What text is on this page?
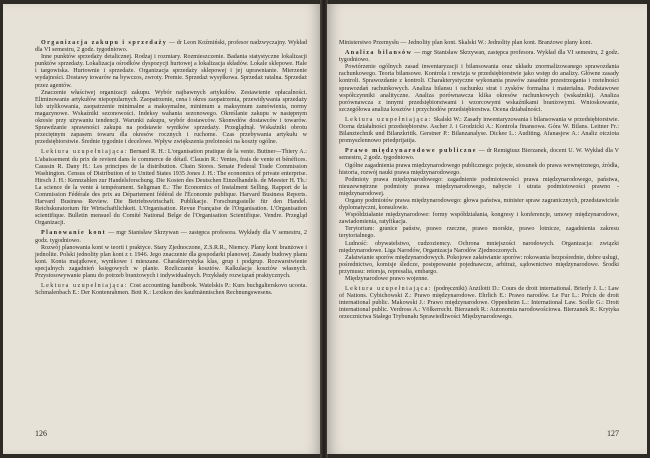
Organizacja zakupu i sprzedaży — dr Leon Koźmiński, profesor nadzwyczajny. Wykład dla VI semestru, 2 godz. tygodniowo.

Inne punktów sprzedaży detalicznej. Rodzaj i rozmiary. Rozmieszczenie. Badania statystyczne lokalizacji punktów sprzedaży. Lokalizacja ośrodków dyspozycji hurtowej a lokalizacja składów. Lokale sklepowe. Hale i targowiska. Hurtownie i sprzedaże. Organizacja sprzedaży sklepowej i jej uprawnianie. Mierzenie wydajności. Dostawy towarów na bywczos, zwroty. Premie. Sprzedaż wysyłkowa. Sprzedaż ratalna. Sprzedaż przez agentów.

Znaczenie właściwej organizacji zakupu. Wybór najbawnych artykułów. Zestawienie opłacalności. Eliminowanie artykułów niepopularnych. Zaopatrzenie, cena i okres zaopatrzenia, przewidywania sprzedaży lub utylikowania, zaopatrzenie minimalne a maksymalne, minimum a maksymum zamówienia, normy magazynowe. Wskaźniki sezonowości. Indeksy wahania sezonowego. Określanie zakupu w następnym okresie przy używaniu tendencji. Warunki zakupu, wybór dostawców. Skonwdów dostawców i towarów. Sprawdzanie sprawności zakupu na podstawie wyników sprzedaży. Przeglądnął. Wskaźniki obrotu przeciętnym zapasem towaru dla okresów rocznych i ruchome. Czas przebywania artykułu w przedsiębiorstwie. Średnie tygodnie i decelowe. Wpływ zwiększenia prelotności na koszty ogólne.

Lektura uzupełniająca: Bernard R. H.: L'organisation pratique de la vente. Buttner—Thiery A.: L'abaissement du prix de revient dans le commerce de détail. Clausin R.: Ventes, frais de vente et bénéfices. Caussin R. Dany H.: Les principes de la distribution. Chain Stores. Senate Federal Trade Commission Washington. Census of Distribution of to United States 1935 Jones J. H.: The economics of private enterprise. Hirsch J. H.: Kennzahlen zur Handelsforschung. Die Kosten des Deutschen Einzelhandels. de Meester H. Th.: La science de la vente à tempérament. Seligman E.: The Economics of Instalment Selling. Rapport de la Commission Fédérale des prix au Département fédéral de l'Économie publique. Harvard Business Reports. Harvard Business Review. Die Betriebswirtschaft. Publikacje. Forschungsstelle für den Handel. Reichskuratorium für Wirtschaftlichkeit. L'Organisation. Revue Française de l'Organisation. L'Organisation scientifique. Bulletin mensuel du Comité National Belge de l'Organisation Scientifique. Vendre. Przegląd Organizacji.

Planowanie kont — mgr Stanisław Skrzywan — zastępca profesora. Wykłady dla V semestru, 2 godz. tygodniowo.

Rozwój planowania kont w teorii i praktyce. Stary Zjednoczone, Z.S.R.R., Niemcy. Plany kont branżowe i jednolite. Polski jednolity plan kont z r. 1946. Jego znaczenie dla gospodarki planowej. Zasady budowy planu kont. Konta majątkowe, wynikowe i mieszane. Charakterystyka klas, grup i podgrup. Rozwarstwienie specjalnych zagadnień księgowych w planie. Rozliczanie kosztów. Kalkulacja kosztów własnych. Przystosowywanie planu do potrzeb branżowych i indywidualnych. Przykłady rozwiązań praktycznych.

Lektura uzupełniająca: Cost accounting handbook. Watelskis P.: Kurs buchgalterskovo ucoota. Schmalenbach E.: Der Kontenrahmen. Bott K.: Lexikon des kaufmännischen Rechnungswesens.

126

Ministerstwo Przemysłu — Jednolity plan kont. Skalski W.: Jednolity plan kont. Branżowe plany kont.

Analiza bilansów — mgr Stanisław Skrzywan, zastępca profesora. Wykład dla VI semestru, 2 godz. tygodniowo.

Powtórzenie ogólnych zasad inwentaryzacji i bilansowania oraz układu znormalizowanego sprawozdania rachunkowego. Teoria bilansowe. Kontrola i rewizja w przedsiębiorstwie jako wstęp do analizy. Główne zasady kontroli. Sprawozdanie z kontroli. Charakterystyczne wykonania prawów zasadnie przestrzegania i rzetelności sprawozdań rachunkowych. Analiza bilansu i rachunku strat i zysków formalna i materialna. Podstawowe współczynniki analityczne. Analiza porównawcza klika okresów rachunkowych (wskaźniki). Analiza porównawcza z innymi przedsiębiorstwami i wzorcowymi wskaźnikami branżowymi. Wnioskowanie, szczegółowa analiza kosztów i przychodów przedsiębiorstwa. Ocena dziabalności.

Lektura uzupełniająca: Skalski W.: Zasady inwentaryzowania i bilansowania w przedsiębiorstwie. Ocena działalności przedsiębiorstw. Ascher J. i Grodzicki A.: Kontrola finansowa. Góra W. Bilans. Leitner Fr.: Bilanztechnik und Bilanzkritik. Gerstner P.: Bilanzanalyse. Dickee L.: Auditing. Afanasjew A.: Analiz otcziota promyszlennowo priedprijatija.

Prawo międzynarodowe publiczne — dr Remigiusz Bierzanek, docent U. W. Wykład dla V semestru, 2 godz. tygodniowo.

Ogólne zagadnienia prawa międzynarodowego publicznego: pojęcie, stosunek do prawa wewnętrznego, źródła, historia, rozwój nauki prawa międzynarodowego.

Podmioty prawa międzynarodowego: zagadnienie podmiotowości prawa międzynarodowego, państwa, nieuzewnętrzne podmioty prawa międzynarodowego, nabycie i utrata podmiotowości prawno - międzynarodowej.

Organy podmiotów prawa międzynarodowego: głowa państwa, minister spraw zagranicznych, przedstawiciele dyplomatyczni, konsulowie.

Współdziałanie międzynarodowe: formy współdziałania, kongresy i konferencje, umowy międzynarodowe, zawiadomienia, ratyfikacja.

Terytorium: granice państw, prawo rzeczne, prawo morskie, prawo lotnicze, zagadnienia zakresu terytorialnego.

Ludność: obywatelstwo, cudzoziemcy. Ochrona mniejszości narodowych. Organizacja: związki międzynarodowe. Liga Narodów, Organizacja Narodów Zjednoczonych.

Załatwianie sporów międzynarodowych. Pokojowe załatwianie sporów: rokowania bezpośrednie, dobre usługi, pośrednictwo, komisje śledcze, postępowanie pojednawcze, arbitraż, sądownictwo międzynarodowe. Środki przymusu: retorsja, represalia, embargo.

Międzynarodowe prawo wojenne.

Lektura uzupełniająca: (podręczniki) Anzilotti D.: Cours de droit international. Brierly J. L.: Law of Nations. Cybichowski Z.: Prawo międzynarodowe. Ehrlich E.: Prawo narodów. Le Fur L.: Précis de droit international public. Makowski J.: Prawo międzynarodowe. Oppenheim L.: International Law. Scelle G.: Droit international public. Verdross A.: Völkerrecht. Bierzanek R.: Autonomia narodowościowa. Bierzanek R.: Krytyka orzecznictwa Stałego Trybunału Sprawiedliwości Międzynarodowego.

127
